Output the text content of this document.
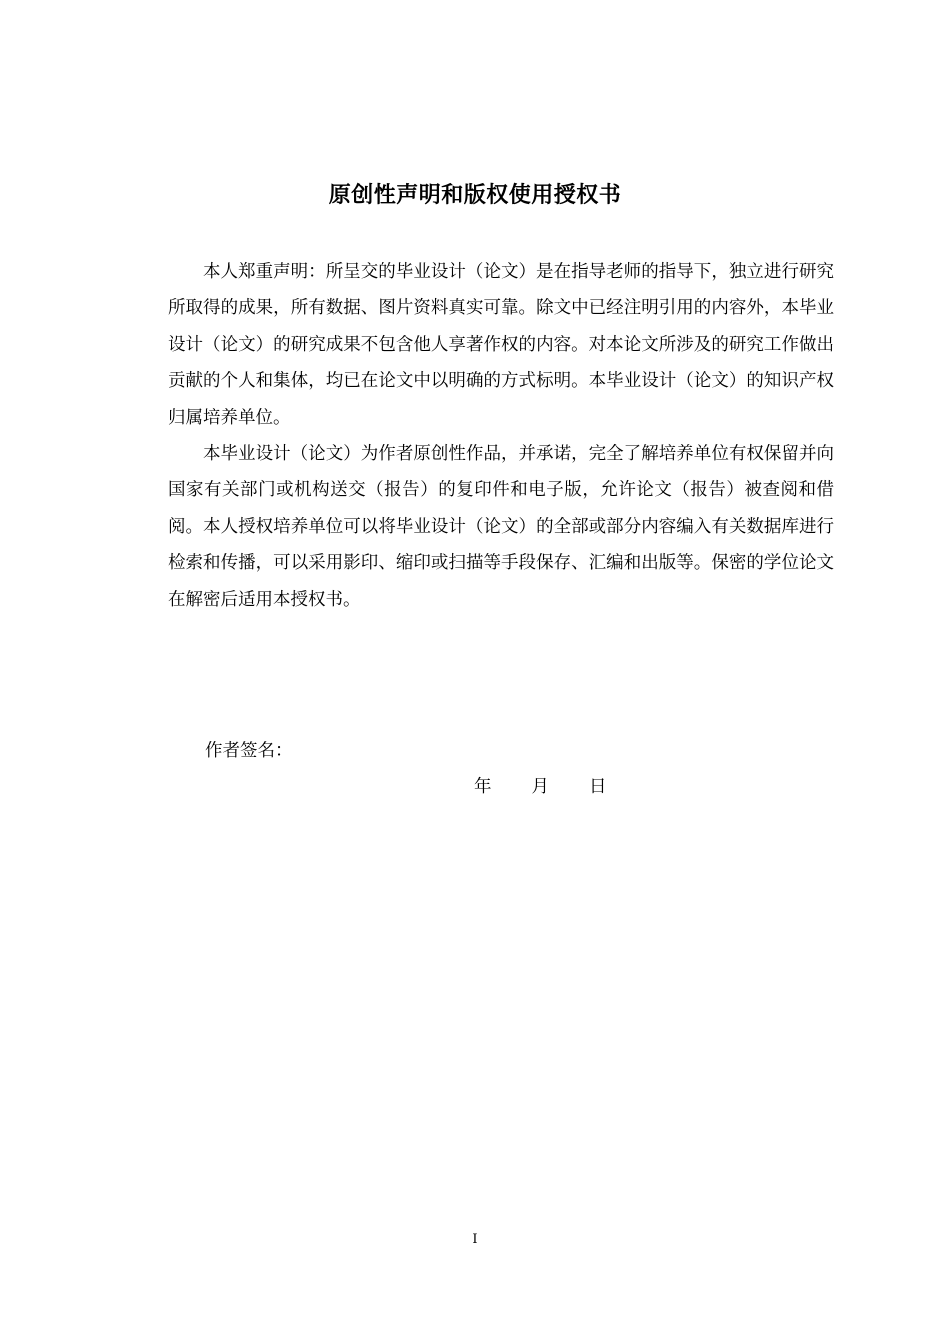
原创性声明和版权使用授权书

本人郑重声明：所呈交的毕业设计（论文）是在指导老师的指导下，独立进行研究所取得的成果，所有数据、图片资料真实可靠。除文中已经注明引用的内容外，本毕业设计（论文）的研究成果不包含他人享著作权的内容。对本论文所涉及的研究工作做出贡献的个人和集体，均已在论文中以明确的方式标明。本毕业设计（论文）的知识产权归属培养单位。

本毕业设计（论文）为作者原创性作品，并承诺，完全了解培养单位有权保留并向国家有关部门或机构送交（报告）的复印件和电子版，允许论文（报告）被查阅和借阅。本人授权培养单位可以将毕业设计（论文）的全部或部分内容编入有关数据库进行检索和传播，可以采用影印、缩印或扫描等手段保存、汇编和出版等。保密的学位论文在解密后适用本授权书。

作者签名：
年 月 日
I
